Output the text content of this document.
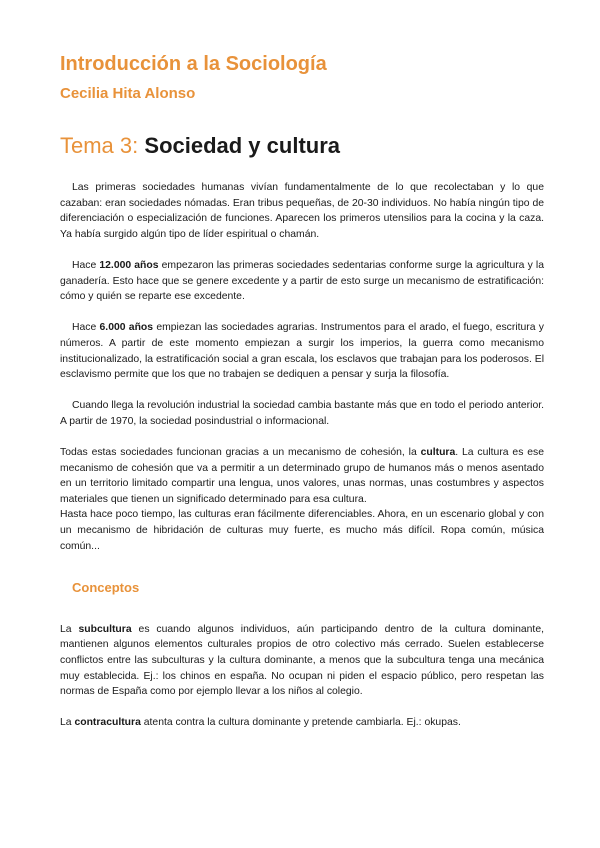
Introducción a la Sociología
Cecilia Hita Alonso
Tema 3: Sociedad y cultura

Las primeras sociedades humanas vivían fundamentalmente de lo que recolectaban y lo que cazaban: eran sociedades nómadas. Eran tribus pequeñas, de 20-30 individuos. No había ningún tipo de diferenciación o especialización de funciones. Aparecen los primeros utensilios para la cocina y la caza. Ya había surgido algún tipo de líder espiritual o chamán.

Hace 12.000 años empezaron las primeras sociedades sedentarias conforme surge la agricultura y la ganadería. Esto hace que se genere excedente y a partir de esto surge un mecanismo de estratificación: cómo y quién se reparte ese excedente.

Hace 6.000 años empiezan las sociedades agrarias. Instrumentos para el arado, el fuego, escritura y números. A partir de este momento empiezan a surgir los imperios, la guerra como mecanismo institucionalizado, la estratificación social a gran escala, los esclavos que trabajan para los poderosos. El esclavismo permite que los que no trabajen se dediquen a pensar y surja la filosofía.

Cuando llega la revolución industrial la sociedad cambia bastante más que en todo el periodo anterior. A partir de 1970, la sociedad posindustrial o informacional.

Todas estas sociedades funcionan gracias a un mecanismo de cohesión, la cultura. La cultura es ese mecanismo de cohesión que va a permitir a un determinado grupo de humanos más o menos asentado en un territorio limitado compartir una lengua, unos valores, unas normas, unas costumbres y aspectos materiales que tienen un significado determinado para esa cultura.

Hasta hace poco tiempo, las culturas eran fácilmente diferenciables. Ahora, en un escenario global y con un mecanismo de hibridación de culturas muy fuerte, es mucho más difícil. Ropa común, música común...

Conceptos

La subcultura es cuando algunos individuos, aún participando dentro de la cultura dominante, mantienen algunos elementos culturales propios de otro colectivo más cerrado. Suelen establecerse conflictos entre las subculturas y la cultura dominante, a menos que la subcultura tenga una mecánica muy establecida. Ej.: los chinos en españa. No ocupan ni piden el espacio público, pero respetan las normas de España como por ejemplo llevar a los niños al colegio.

La contracultura atenta contra la cultura dominante y pretende cambiarla. Ej.: okupas.
